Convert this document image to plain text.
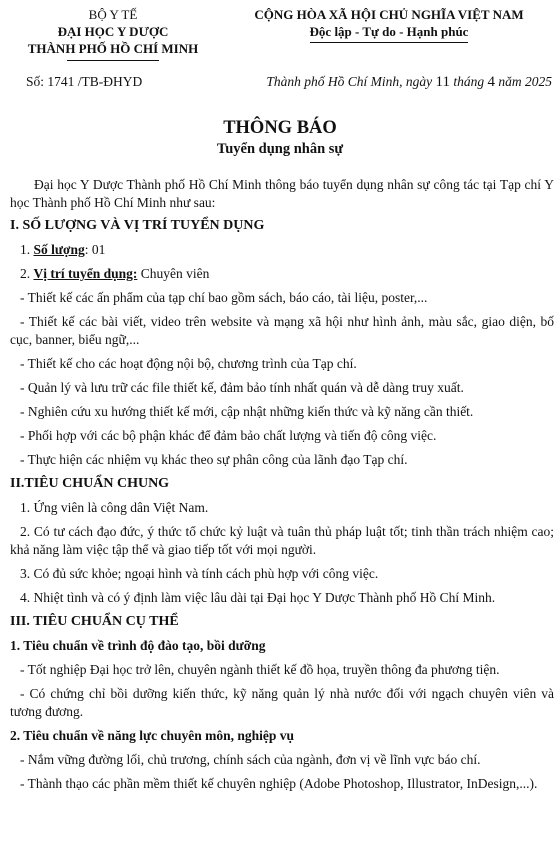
BỘ Y TẾ
ĐẠI HỌC Y DƯỢC
THÀNH PHỐ HỒ CHÍ MINH
CỘNG HÒA XÃ HỘI CHỦ NGHĨA VIỆT NAM
Độc lập - Tự do - Hạnh phúc
Số: 1741 /TB-ĐHYD	Thành phố Hồ Chí Minh, ngày 11 tháng 4 năm 2025
THÔNG BÁO
Tuyển dụng nhân sự

Đại học Y Dược Thành phố Hồ Chí Minh thông báo tuyển dụng nhân sự công tác tại Tạp chí Y học Thành phố Hồ Chí Minh như sau:

I. SỐ LƯỢNG VÀ VỊ TRÍ TUYỂN DỤNG

1. Số lượng: 01

2. Vị trí tuyển dụng: Chuyên viên

- Thiết kế các ấn phẩm của tạp chí bao gồm sách, báo cáo, tài liệu, poster,...

- Thiết kế các bài viết, video trên website và mạng xã hội như hình ảnh, màu sắc, giao diện, bố cục, banner, biểu ngữ,...

- Thiết kế cho các hoạt động nội bộ, chương trình của Tạp chí.

- Quản lý và lưu trữ các file thiết kế, đảm bảo tính nhất quán và dễ dàng truy xuất.

- Nghiên cứu xu hướng thiết kế mới, cập nhật những kiến thức và kỹ năng cần thiết.

- Phối hợp với các bộ phận khác để đảm bảo chất lượng và tiến độ công việc.

- Thực hiện các nhiệm vụ khác theo sự phân công của lãnh đạo Tạp chí.

II.TIÊU CHUẨN CHUNG

1. Ứng viên là công dân Việt Nam.

2. Có tư cách đạo đức, ý thức tổ chức kỷ luật và tuân thủ pháp luật tốt; tinh thần trách nhiệm cao; khả năng làm việc tập thể và giao tiếp tốt với mọi người.

3. Có đủ sức khỏe; ngoại hình và tính cách phù hợp với công việc.

4. Nhiệt tình và có ý định làm việc lâu dài tại Đại học Y Dược Thành phố Hồ Chí Minh.

III. TIÊU CHUẨN CỤ THỂ

1. Tiêu chuẩn về trình độ đào tạo, bồi dưỡng

- Tốt nghiệp Đại học trở lên, chuyên ngành thiết kế đồ họa, truyền thông đa phương tiện.

- Có chứng chỉ bồi dưỡng kiến thức, kỹ năng quản lý nhà nước đối với ngạch chuyên viên và tương đương.

2. Tiêu chuẩn về năng lực chuyên môn, nghiệp vụ

- Nắm vững đường lối, chủ trương, chính sách của ngành, đơn vị về lĩnh vực báo chí.

- Thành thạo các phần mềm thiết kế chuyên nghiệp (Adobe Photoshop, Illustrator, InDesign,...).
